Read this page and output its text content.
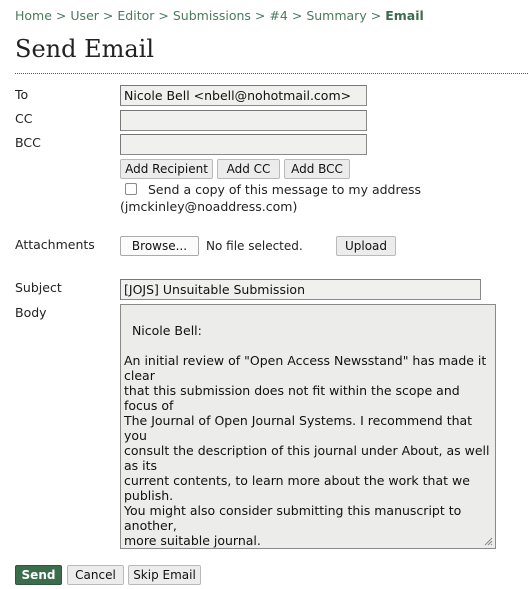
Home > User > Editor > Submissions > #4 > Summary > Email
Send Email
To	Nicole Bell <nbell@nohotmail.com>
CC
BCC
Add Recipient	Add CC	Add BCC
Send a copy of this message to my address
(jmckinley@noaddress.com)
Attachments	Browse...	No file selected.	Upload
Subject	[JOJS] Unsuitable Submission
Body

Nicole Bell:

An initial review of "Open Access Newsstand" has made it clear
that this submission does not fit within the scope and focus of
The Journal of Open Journal Systems. I recommend that you
consult the description of this journal under About, as well as its
current contents, to learn more about the work that we publish.
You might also consider submitting this manuscript to another,
more suitable journal.

Send	Cancel	Skip Email
